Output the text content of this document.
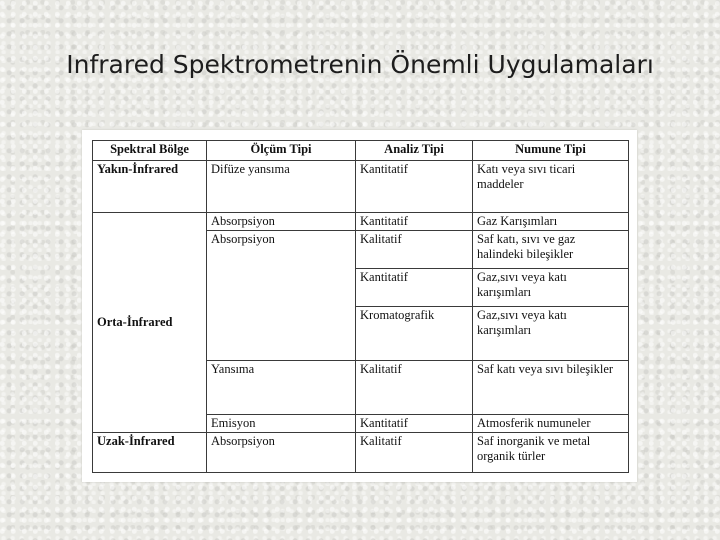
Infrared Spektrometrenin Önemli Uygulamaları
Spektral Bölge	Ölçüm Tipi	Analiz Tipi	Numune Tipi
Yakın-İnfrared	Difüze yansıma	Kantitatif	Katı veya sıvı ticari maddeler
Orta-İnfrared	Absorpsiyon	Kantitatif	Gaz Karışımları
	Absorpsiyon	Kalitatif	Saf katı, sıvı ve gaz halindeki bileşikler
		Kantitatif	Gaz,sıvı veya katı karışımları
		Kromatografik	Gaz,sıvı veya katı karışımları
	Yansıma	Kalitatif	Saf katı veya sıvı bileşikler
	Emisyon	Kantitatif	Atmosferik numuneler
Uzak-İnfrared	Absorpsiyon	Kalitatif	Saf inorganik ve metal organik türler
